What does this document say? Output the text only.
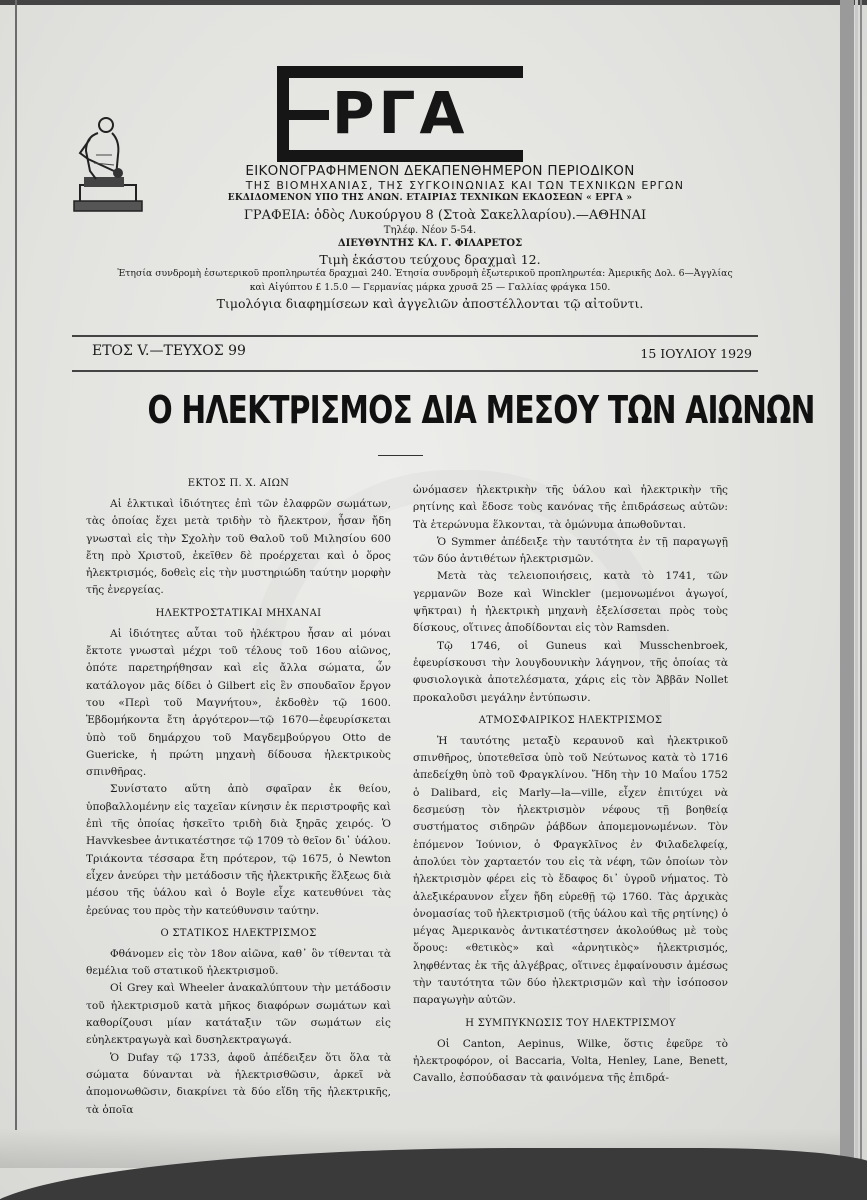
ΡΓΑ
ΕΙΚΟΝΟΓΡΑΦΗΜΕΝΟΝ ΔΕΚΑΠΕΝΘΗΜΕΡΟΝ ΠΕΡΙΟΔΙΚΟΝ
ΤΗΣ ΒΙΟΜΗΧΑΝΙΑΣ, ΤΗΣ ΣΥΓΚΟΙΝΩΝΙΑΣ ΚΑΙ ΤΩΝ ΤΕΧΝΙΚΩΝ ΕΡΓΩΝ
ΕΚΔΙΔΟΜΕΝΟΝ ΥΠΟ ΤΗΣ ΑΝΩΝ. ΕΤΑΙΡΙΑΣ ΤΕΧΝΙΚΩΝ ΕΚΔΟΣΕΩΝ « ΕΡΓΑ »
ΓΡΑΦΕΙΑ: ὁδὸς Λυκούργου 8 (Στοὰ Σακελλαρίου).—ΑΘΗΝΑΙ
Τηλέφ. Νέον 5-54.
ΔΙΕΥΘΥΝΤΗΣ ΚΛ. Γ. ΦΙΛΑΡΕΤΟΣ
Τιμὴ ἑκάστου τεύχους δραχμαὶ 12.
Ἐτησία συνδρομὴ ἐσωτερικοῦ προπληρωτέα δραχμαὶ 240. Ἐτησία συνδρομὴ ἐξωτερικοῦ προπληρωτέα: Ἀμερικῆς Δολ. 6—Ἀγγλίας
καὶ Αἰγύπτου £ 1.5.0 — Γερμανίας μάρκα χρυσᾶ 25 — Γαλλίας φράγκα 150.
Τιμολόγια διαφημίσεων καὶ ἀγγελιῶν ἀποστέλλονται τῷ αἰτοῦντι.
ΕΤΟΣ V.—ΤΕΥΧΟΣ 99	15 ΙΟΥΛΙΟΥ 1929
Ο ΗΛΕΚΤΡΙΣΜΟΣ ΔΙΑ ΜΕΣΟΥ ΤΩΝ ΑΙΩΝΩΝ
ΕΚΤΟΣ Π. Χ. ΑΙΩΝ

Αἱ ἑλκτικαὶ ἰδιότητες ἐπὶ τῶν ἐλαφρῶν σωμάτων, τὰς ὁποίας ἔχει μετὰ τριδὴν τὸ ἤλεκτρον, ἦσαν ἤδη γνωσταὶ εἰς τὴν Σχολὴν τοῦ Θαλοῦ τοῦ Μιλησίου 600 ἔτη πρὸ Χριστοῦ, ἐκεῖθεν δὲ προέρχεται καὶ ὁ ὅρος ἠλεκτρισμός, δοθεὶς εἰς τὴν μυστηριώδη ταύτην μορφὴν τῆς ἐνεργείας.

ΗΛΕΚΤΡΟΣΤΑΤΙΚΑΙ ΜΗΧΑΝΑΙ

Αἱ ἰδιότητες αὗται τοῦ ἠλέκτρου ἦσαν αἱ μόναι ἔκτοτε γνωσταὶ μέχρι τοῦ τέλους τοῦ 16ου αἰῶνος, ὁπότε παρετηρήθησαν καὶ εἰς ἄλλα σώματα, ὧν κατάλογον μᾶς δίδει ὁ Gilbert εἰς ἓν σπουδαῖον ἔργον του «Περὶ τοῦ Μαγνήτου», ἐκδοθὲν τῷ 1600. Ἑβδομήκοντα ἔτη ἀργότερον—τῷ 1670—ἐφευρίσκεται ὑπὸ τοῦ δημάρχου τοῦ Μαγδεμβούργου Otto de Guericke, ἡ πρώτη μηχανὴ δίδουσα ἠλεκτρικοὺς σπινθῆρας.

Συνίστατο αὕτη ἀπὸ σφαῖραν ἐκ θείου, ὑποβαλλομένην εἰς ταχεῖαν κίνησιν ἐκ περιστροφῆς καὶ ἐπὶ τῆς ὁποίας ἠσκεῖτο τριδὴ διὰ ξηρᾶς χειρός. Ὁ Havvkesbee ἀντικατέστησε τῷ 1709 τὸ θεῖον δι᾽ ὑάλου. Τριάκοντα τέσσαρα ἔτη πρότερον, τῷ 1675, ὁ Newton εἶχεν ἀνεύρει τὴν μετάδοσιν τῆς ἠλεκτρικῆς ἕλξεως διὰ μέσου τῆς ὑάλου καὶ ὁ Boyle εἶχε κατευθύνει τὰς ἐρεύνας του πρὸς τὴν κατεύθυνσιν ταύτην.

Ο ΣΤΑΤΙΚΟΣ ΗΛΕΚΤΡΙΣΜΟΣ

Φθάνομεν εἰς τὸν 18ον αἰῶνα, καθ᾽ ὃν τίθενται τὰ θεμέλια τοῦ στατικοῦ ἠλεκτρισμοῦ.

Οἱ Grey καὶ Wheeler ἀνακαλύπτουν τὴν μετάδοσιν τοῦ ἠλεκτρισμοῦ κατὰ μῆκος διαφόρων σωμάτων καὶ καθορίζουσι μίαν κατάταξιν τῶν σωμάτων εἰς εὐηλεκτραγωγὰ καὶ δυσηλεκτραγωγά.

Ὁ Dufay τῷ 1733, ἀφοῦ ἀπέδειξεν ὅτι ὅλα τὰ σώματα δύνανται νὰ ἠλεκτρισθῶσιν, ἀρκεῖ νὰ ἀπομονωθῶσιν, διακρίνει τὰ δύο εἴδη τῆς ἠλεκτρικῆς, τὰ ὁποῖα

ὠνόμασεν ἠλεκτρικὴν τῆς ὑάλου καὶ ἠλεκτρικὴν τῆς ρητίνης καὶ ἔδοσε τοὺς κανόνας τῆς ἐπιδράσεως αὐτῶν: Τὰ ἑτερώνυμα ἕλκονται, τὰ ὁμώνυμα ἀπωθοῦνται.

Ὁ Symmer ἀπέδειξε τὴν ταυτότητα ἐν τῇ παραγωγῇ τῶν δύο ἀντιθέτων ἠλεκτρισμῶν.

Μετὰ τὰς τελειοποιήσεις, κατὰ τὸ 1741, τῶν γερμανῶν Boze καὶ Winckler (μεμονωμένοι ἀγωγοί, ψῆκτραι) ἡ ἠλεκτρικὴ μηχανὴ ἐξελίσσεται πρὸς τοὺς δίσκους, οἵτινες ἀποδίδονται εἰς τὸν Ramsden.

Τῷ 1746, οἱ Guneus καὶ Musschenbroek, ἐφευρίσκουσι τὴν λουγδουνικὴν λάγηνον, τῆς ὁποίας τὰ φυσιολογικὰ ἀποτελέσματα, χάρις εἰς τὸν Ἀββᾶν Nollet προκαλοῦσι μεγάλην ἐντύπωσιν.

ΑΤΜΟΣΦΑΙΡΙΚΟΣ ΗΛΕΚΤΡΙΣΜΟΣ

Ἡ ταυτότης μεταξὺ κεραυνοῦ καὶ ἠλεκτρικοῦ σπινθῆρος, ὑποτεθεῖσα ὑπὸ τοῦ Νεύτωνος κατὰ τὸ 1716 ἀπεδείχθη ὑπὸ τοῦ Φραγκλίνου. Ἤδη τὴν 10 Μαΐου 1752 ὁ Dalibard, εἰς Marly—la—ville, εἶχεν ἐπιτύχει νὰ δεσμεύσῃ τὸν ἠλεκτρισμὸν νέφους τῇ βοηθείᾳ συστήματος σιδηρῶν ῥάβδων ἀπομεμονωμένων. Τὸν ἑπόμενον Ἰούνιον, ὁ Φραγκλῖνος ἐν Φιλαδελφείᾳ, ἀπολύει τὸν χαρταετόν του εἰς τὰ νέφη, τῶν ὁποίων τὸν ἠλεκτρισμὸν φέρει εἰς τὸ ἔδαφος δι᾽ ὑγροῦ νήματος. Τὸ ἀλεξικέραυνον εἶχεν ἤδη εὑρεθῇ τῷ 1760. Τὰς ἀρχικὰς ὀνομασίας τοῦ ἠλεκτρισμοῦ (τῆς ὑάλου καὶ τῆς ρητίνης) ὁ μέγας Ἀμερικανὸς ἀντικατέστησεν ἀκολούθως μὲ τοὺς ὅρους: «θετικὸς» καὶ «ἀρνητικὸς» ἠλεκτρισμός, ληφθέντας ἐκ τῆς ἀλγέβρας, οἵτινες ἐμφαίνουσιν ἀμέσως τὴν ταυτότητα τῶν δύο ἠλεκτρισμῶν καὶ τὴν ἰσόποσον παραγωγὴν αὐτῶν.

Η ΣΥΜΠΥΚΝΩΣΙΣ ΤΟΥ ΗΛΕΚΤΡΙΣΜΟΥ

Οἱ Canton, Aepinus, Wilke, ὅστις ἐφεῦρε τὸ ἠλεκτροφόρον, οἱ Baccaria, Volta, Henley, Lane, Benett, Cavallo, ἐσπούδασαν τὰ φαινόμενα τῆς ἐπιδρά-
